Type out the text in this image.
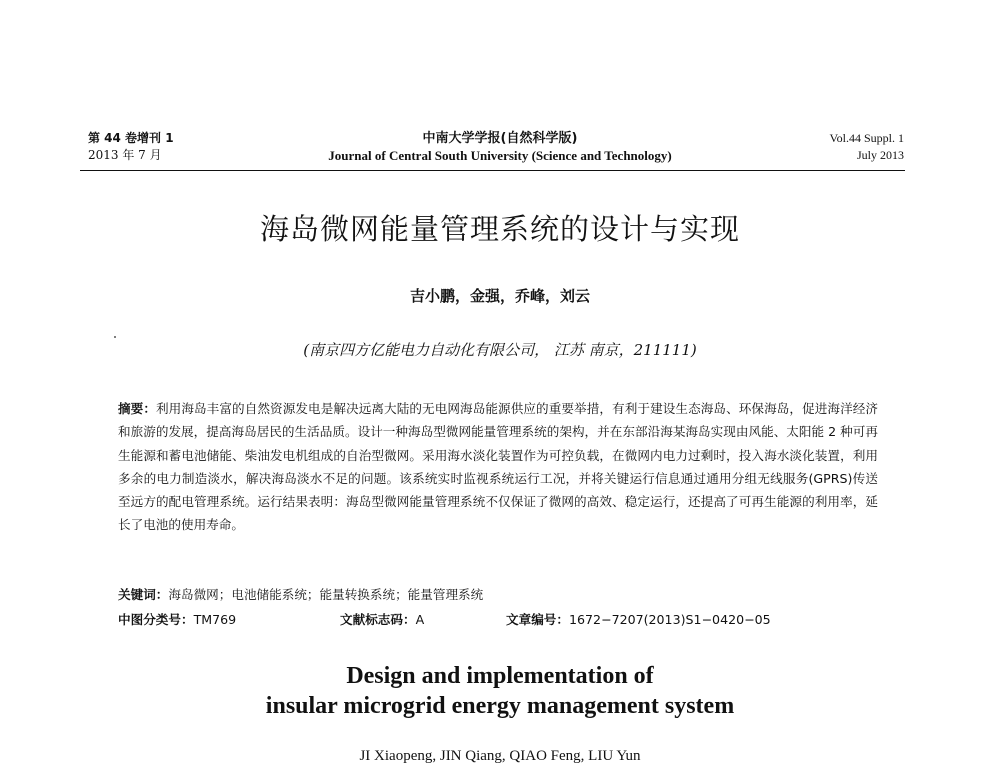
第 44 卷增刊 1
2013 年 7 月
中南大学学报(自然科学版)
Journal of Central South University (Science and Technology)
Vol.44 Suppl. 1
July 2013
海岛微网能量管理系统的设计与实现
吉小鹏，金强，乔峰，刘云
(南京四方亿能电力自动化有限公司， 江苏 南京，211111)
摘要：利用海岛丰富的自然资源发电是解决远离大陆的无电网海岛能源供应的重要举措，有利于建设生态海岛、环保海岛，促进海洋经济和旅游的发展，提高海岛居民的生活品质。设计一种海岛型微网能量管理系统的架构，并在东部沿海某海岛实现由风能、太阳能 2 种可再生能源和蓄电池储能、柴油发电机组成的自治型微网。采用海水淡化装置作为可控负载，在微网内电力过剩时，投入海水淡化装置，利用多余的电力制造淡水，解决海岛淡水不足的问题。该系统实时监视系统运行工况，并将关键运行信息通过通用分组无线服务(GPRS)传送至远方的配电管理系统。运行结果表明：海岛型微网能量管理系统不仅保证了微网的高效、稳定运行，还提高了可再生能源的利用率，延长了电池的使用寿命。
关键词：海岛微网；电池储能系统；能量转换系统；能量管理系统
中图分类号：TM769	文献标志码：A	文章编号：1672−7207(2013)S1−0420−05
Design and implementation of
insular microgrid energy management system
JI Xiaopeng, JIN Qiang, QIAO Feng, LIU Yun
